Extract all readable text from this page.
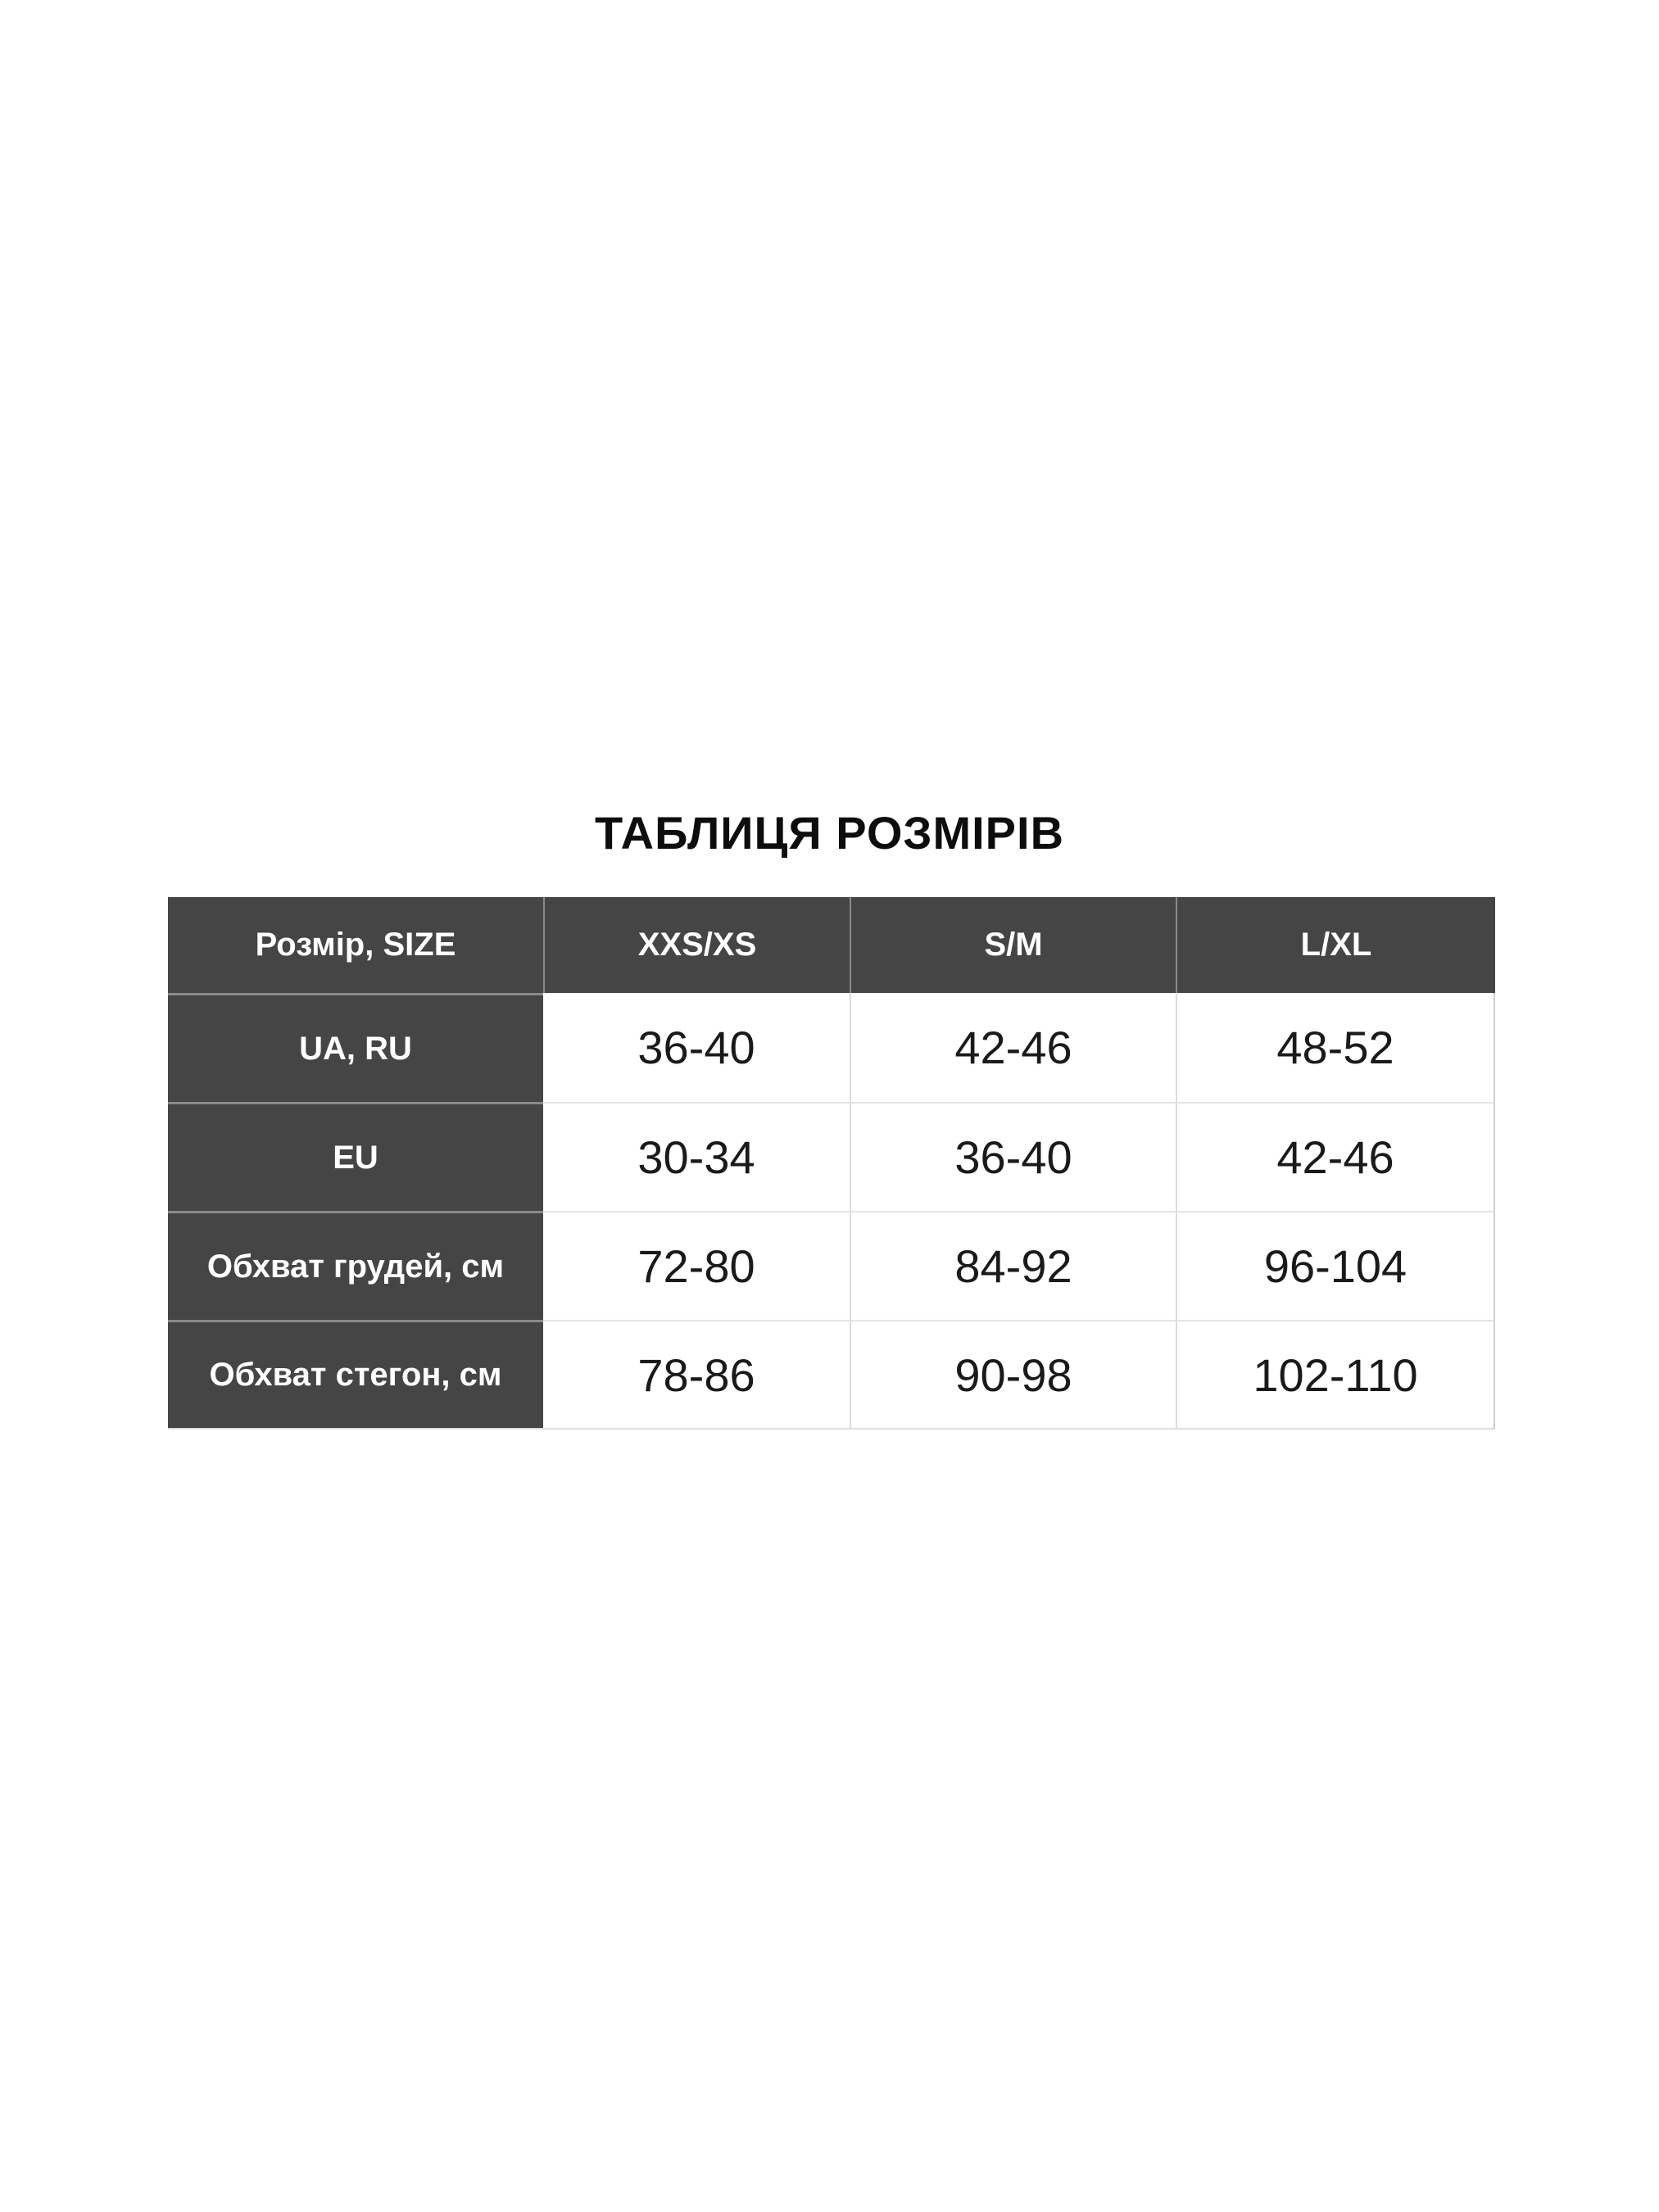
ТАБЛИЦЯ РОЗМІРІВ
Розмір, SIZE	XXS/XS	S/M	L/XL
UA, RU	36-40	42-46	48-52
EU	30-34	36-40	42-46
Обхват грудей, см	72-80	84-92	96-104
Обхват стегон, см	78-86	90-98	102-110
